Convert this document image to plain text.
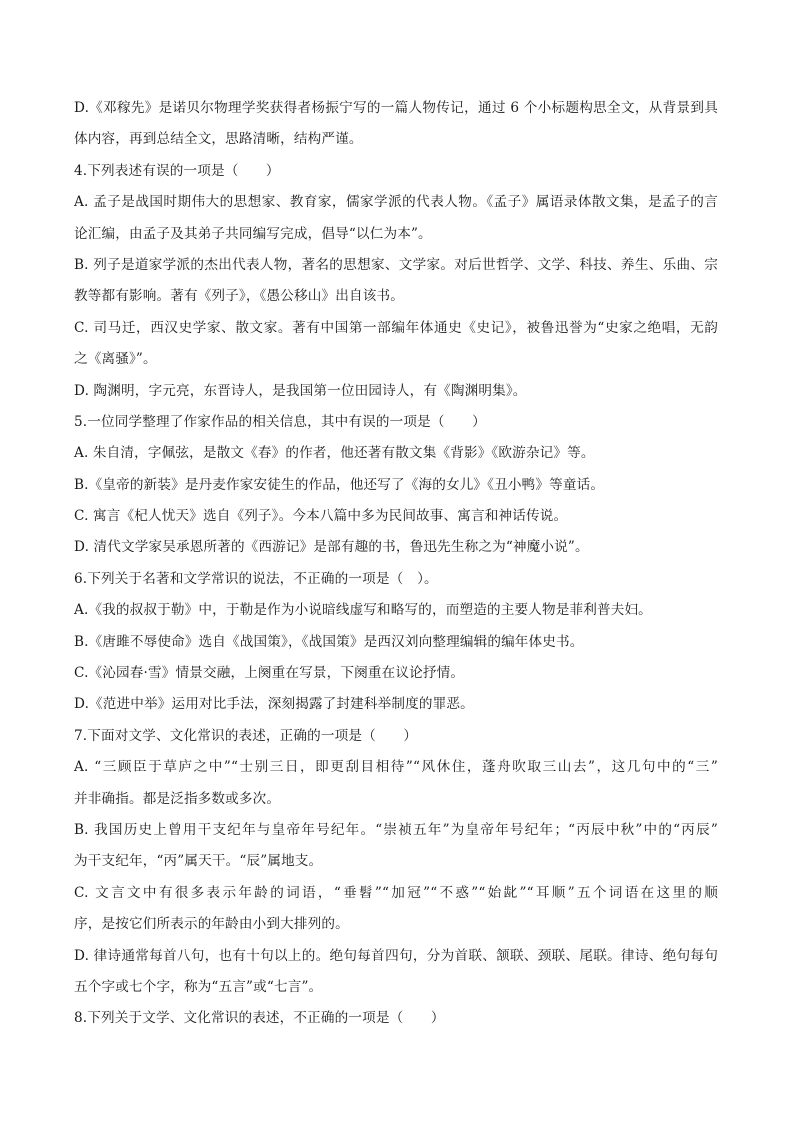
D.《邓稼先》是诺贝尔物理学奖获得者杨振宁写的一篇人物传记，通过 6 个小标题构思全文，从背景到具
体内容，再到总结全文，思路清晰，结构严谨。
4.下列表述有误的一项是（　　）
A. 孟子是战国时期伟大的思想家、教育家，儒家学派的代表人物。《孟子》属语录体散文集，是孟子的言
论汇编，由孟子及其弟子共同编写完成，倡导“以仁为本”。
B. 列子是道家学派的杰出代表人物，著名的思想家、文学家。对后世哲学、文学、科技、养生、乐曲、宗
教等都有影响。著有《列子》，《愚公移山》出自该书。
C. 司马迁，西汉史学家、散文家。著有中国第一部编年体通史《史记》，被鲁迅誉为“史家之绝唱，无韵
之《离骚》”。
D. 陶渊明，字元亮，东晋诗人，是我国第一位田园诗人，有《陶渊明集》。
5.一位同学整理了作家作品的相关信息，其中有误的一项是（　　）
A. 朱自清，字佩弦，是散文《春》的作者，他还著有散文集《背影》《欧游杂记》等。
B.《皇帝的新装》是丹麦作家安徒生的作品，他还写了《海的女儿》《丑小鸭》等童话。
C. 寓言《杞人忧天》选自《列子》。今本八篇中多为民间故事、寓言和神话传说。
D. 清代文学家吴承恩所著的《西游记》是部有趣的书，鲁迅先生称之为“神魔小说”。
6.下列关于名著和文学常识的说法，不正确的一项是（　）。
A.《我的叔叔于勒》中，于勒是作为小说暗线虚写和略写的，而塑造的主要人物是菲利普夫妇。
B.《唐雎不辱使命》选自《战国策》，《战国策》是西汉刘向整理编辑的编年体史书。
C.《沁园春·雪》情景交融，上阕重在写景，下阕重在议论抒情。
D.《范进中举》运用对比手法，深刻揭露了封建科举制度的罪恶。
7.下面对文学、文化常识的表述，正确的一项是（　　）
A. “三顾臣于草庐之中”“士别三日，即更刮目相待”“风休住，蓬舟吹取三山去”，这几句中的“三”
并非确指。都是泛指多数或多次。
B. 我国历史上曾用干支纪年与皇帝年号纪年。“崇祯五年”为皇帝年号纪年；“丙辰中秋”中的“丙辰”
为干支纪年，“丙”属天干。“辰”属地支。
C. 文言文中有很多表示年龄的词语，“垂髫”“加冠”“不惑”“始龀”“耳顺”五个词语在这里的顺
序，是按它们所表示的年龄由小到大排列的。
D. 律诗通常每首八句，也有十句以上的。绝句每首四句，分为首联、颔联、颈联、尾联。律诗、绝句每句
五个字或七个字，称为“五言”或“七言”。
8.下列关于文学、文化常识的表述，不正确的一项是（　　）
